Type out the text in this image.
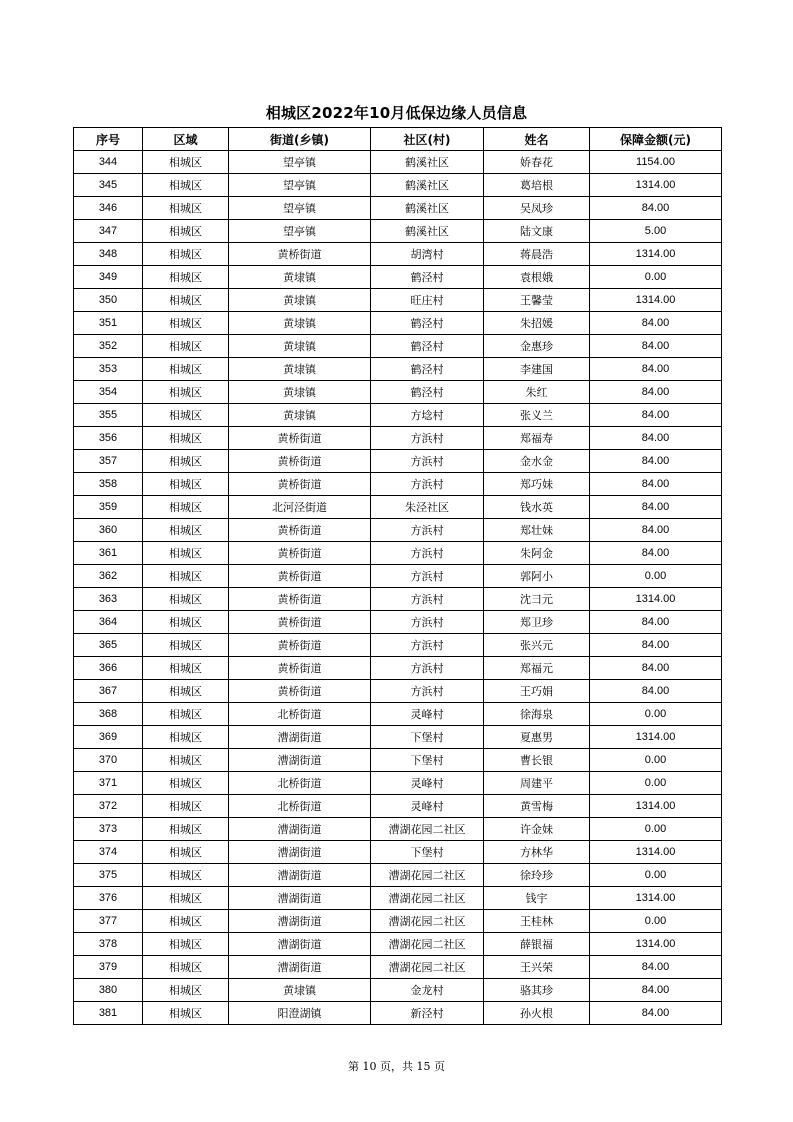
相城区2022年10月低保边缘人员信息
序号	区域	街道(乡镇)	社区(村)	姓名	保障金额(元)
344	相城区	望亭镇	鹤溪社区	娇春花	1154.00
345	相城区	望亭镇	鹤溪社区	葛培根	1314.00
346	相城区	望亭镇	鹤溪社区	吴凤珍	84.00
347	相城区	望亭镇	鹤溪社区	陆文康	5.00
348	相城区	黄桥街道	胡湾村	蒋晨浩	1314.00
349	相城区	黄埭镇	鹤泾村	袁根娥	0.00
350	相城区	黄埭镇	旺庄村	王馨莹	1314.00
351	相城区	黄埭镇	鹤泾村	朱招媛	84.00
352	相城区	黄埭镇	鹤泾村	金惠珍	84.00
353	相城区	黄埭镇	鹤泾村	李建国	84.00
354	相城区	黄埭镇	鹤泾村	朱红	84.00
355	相城区	黄埭镇	方埝村	张义兰	84.00
356	相城区	黄桥街道	方浜村	郑福寿	84.00
357	相城区	黄桥街道	方浜村	金水金	84.00
358	相城区	黄桥街道	方浜村	郑巧妹	84.00
359	相城区	北河泾街道	朱泾社区	钱水英	84.00
360	相城区	黄桥街道	方浜村	郑壮妹	84.00
361	相城区	黄桥街道	方浜村	朱阿金	84.00
362	相城区	黄桥街道	方浜村	郭阿小	0.00
363	相城区	黄桥街道	方浜村	沈彐元	1314.00
364	相城区	黄桥街道	方浜村	郑卫珍	84.00
365	相城区	黄桥街道	方浜村	张兴元	84.00
366	相城区	黄桥街道	方浜村	郑福元	84.00
367	相城区	黄桥街道	方浜村	王巧娟	84.00
368	相城区	北桥街道	灵峰村	徐海泉	0.00
369	相城区	漕湖街道	下堡村	夏惠男	1314.00
370	相城区	漕湖街道	下堡村	曹长银	0.00
371	相城区	北桥街道	灵峰村	周建平	0.00
372	相城区	北桥街道	灵峰村	黄雪梅	1314.00
373	相城区	漕湖街道	漕湖花园二社区	许金妹	0.00
374	相城区	漕湖街道	下堡村	方林华	1314.00
375	相城区	漕湖街道	漕湖花园二社区	徐玲珍	0.00
376	相城区	漕湖街道	漕湖花园二社区	钱宇	1314.00
377	相城区	漕湖街道	漕湖花园二社区	王桂林	0.00
378	相城区	漕湖街道	漕湖花园二社区	薛银福	1314.00
379	相城区	漕湖街道	漕湖花园二社区	王兴荣	84.00
380	相城区	黄埭镇	金龙村	骆其珍	84.00
381	相城区	阳澄湖镇	新泾村	孙火根	84.00
第 10 页，共 15 页
